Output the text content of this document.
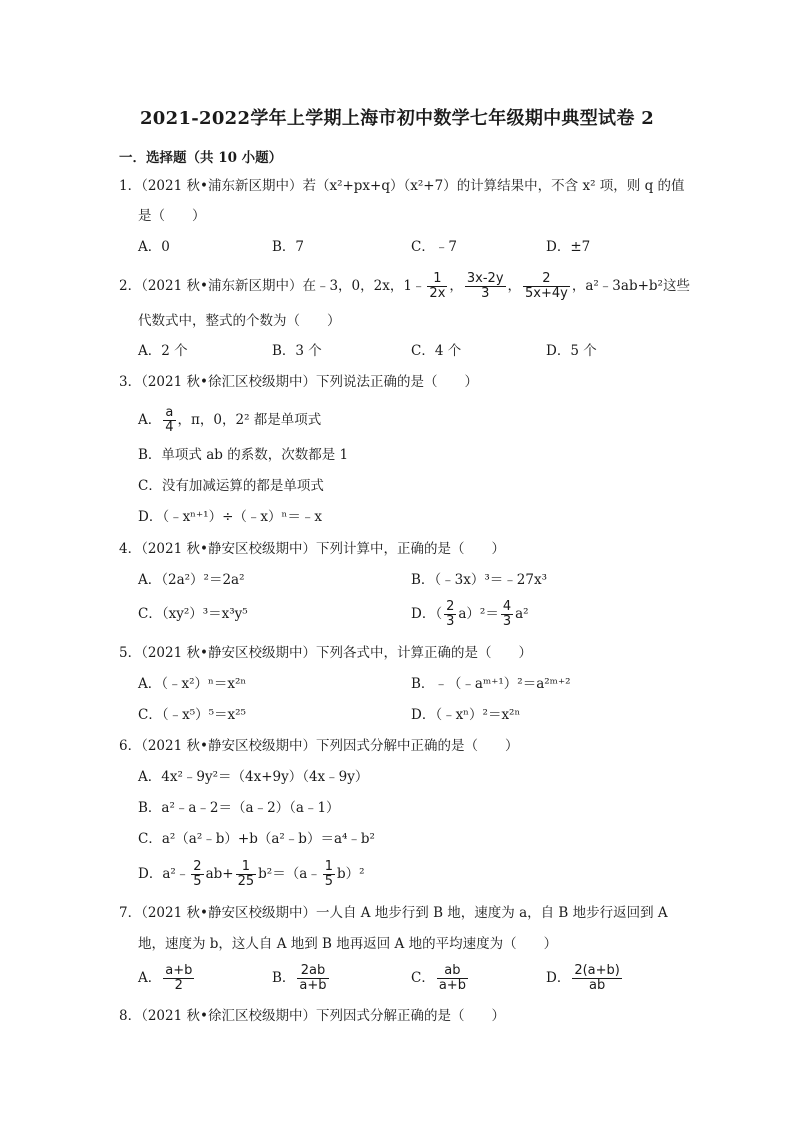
2021-2022学年上学期上海市初中数学七年级期中典型试卷 2
一．选择题（共 10 小题）
1．（2021 秋•浦东新区期中）若（x²+px+q）（x²+7）的计算结果中，不含 x² 项，则 q 的值
是（　　）
A．0	B．7	C．﹣7	D．±7
2．（2021 秋•浦东新区期中）在﹣3，0，2x，1﹣ $\frac{1}{2x}$ ， $\frac{3x-2y}{3}$ ， $\frac{2}{5x+4y}$ ，a²﹣3ab+b²这些
代数式中，整式的个数为（　　）
A．2 个	B．3 个	C．4 个	D．5 个
3．（2021 秋•徐汇区校级期中）下列说法正确的是（　　）
A． $\frac{a}{4}$ ，π，0，2² 都是单项式
B．单项式 ab 的系数，次数都是 1
C．没有加减运算的都是单项式
D．（﹣xⁿ⁺¹）÷（﹣x）ⁿ＝﹣x
4．（2021 秋•静安区校级期中）下列计算中，正确的是（　　）
A．（2a²）²＝2a²	B．（﹣3x）³＝﹣27x³
C．（xy²）³＝x³y⁵	D．（ $\frac{2}{3} a)^2= \frac{4}{3} a^2$
5．（2021 秋•静安区校级期中）下列各式中，计算正确的是（　　）
A．（﹣x²）ⁿ＝x²ⁿ	B．﹣（﹣aᵐ⁺¹）²＝a²ᵐ⁺²
C．（﹣x⁵）⁵＝x²⁵	D．（﹣xⁿ）²＝x²ⁿ
6．（2021 秋•静安区校级期中）下列因式分解中正确的是（　　）
A．4x²﹣9y²＝（4x+9y）（4x﹣9y）
B．a²﹣a﹣2＝（a﹣2）（a﹣1）
C．a²（a²﹣b）+b（a²﹣b）＝a⁴﹣b²
D．a²﹣ $\frac{2}{5} ab+ \frac{1}{25}$ b²＝（a﹣ $\frac{1}{5} b)^2$
7．（2021 秋•静安区校级期中）一人自 A 地步行到 B 地，速度为 a，自 B 地步行返回到 A
地，速度为 b，这人自 A 地到 B 地再返回 A 地的平均速度为（　　）
A． $\frac{a+b}{2}$	B． $\frac{2ab}{a+b}$	C． $\frac{ab}{a+b}$	D． $\frac{2(a+b)}{ab}$
8．（2021 秋•徐汇区校级期中）下列因式分解正确的是（　　）
